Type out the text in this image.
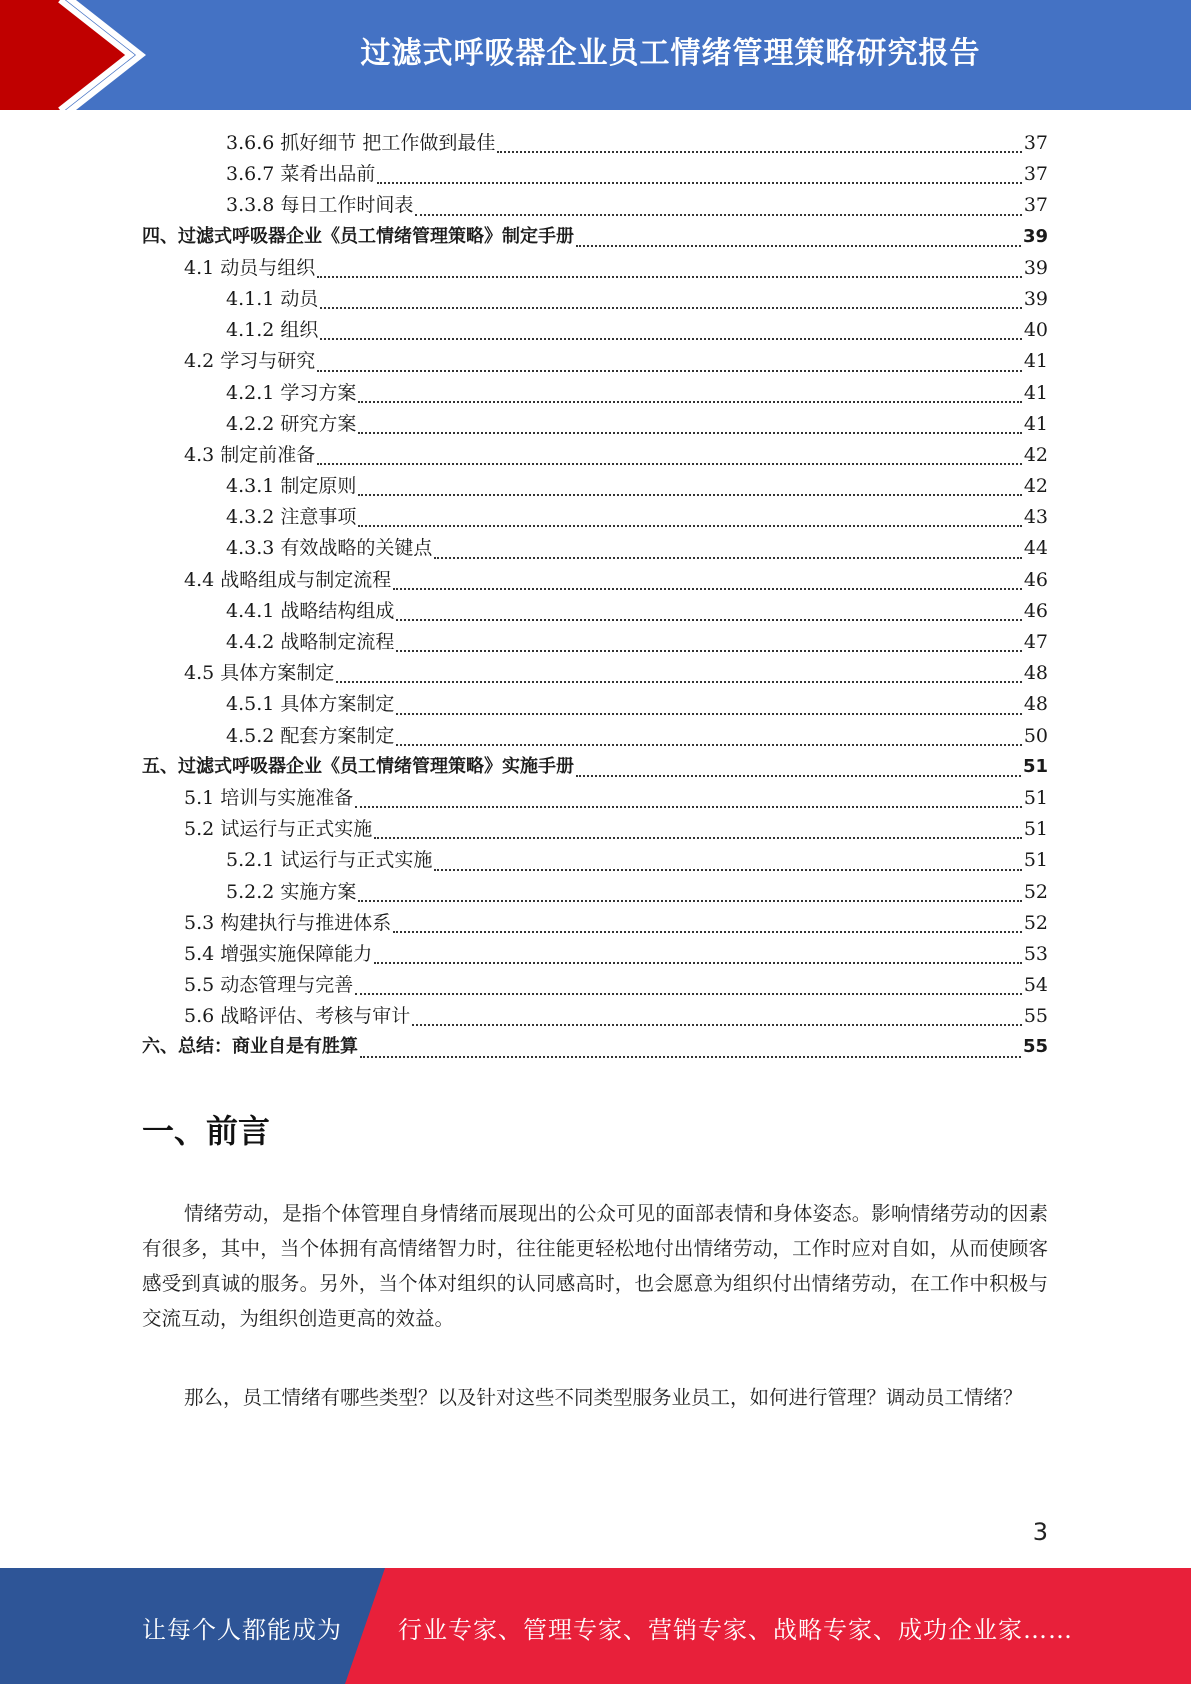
过滤式呼吸器企业员工情绪管理策略研究报告
3.6.6 抓好细节 把工作做到最佳	37
3.6.7 菜肴出品前	37
3.3.8 每日工作时间表	37
四、过滤式呼吸器企业《员工情绪管理策略》制定手册	39
4.1 动员与组织	39
4.1.1 动员	39
4.1.2 组织	40
4.2 学习与研究	41
4.2.1 学习方案	41
4.2.2 研究方案	41
4.3 制定前准备	42
4.3.1 制定原则	42
4.3.2 注意事项	43
4.3.3 有效战略的关键点	44
4.4 战略组成与制定流程	46
4.4.1 战略结构组成	46
4.4.2 战略制定流程	47
4.5 具体方案制定	48
4.5.1 具体方案制定	48
4.5.2 配套方案制定	50
五、过滤式呼吸器企业《员工情绪管理策略》实施手册	51
5.1 培训与实施准备	51
5.2 试运行与正式实施	51
5.2.1 试运行与正式实施	51
5.2.2 实施方案	52
5.3 构建执行与推进体系	52
5.4 增强实施保障能力	53
5.5 动态管理与完善	54
5.6 战略评估、考核与审计	55
六、总结：商业自是有胜算	55
一、前言
情绪劳动，是指个体管理自身情绪而展现出的公众可见的面部表情和身体姿态。影响情绪劳动的因素有很多，其中，当个体拥有高情绪智力时，往往能更轻松地付出情绪劳动，工作时应对自如，从而使顾客感受到真诚的服务。另外，当个体对组织的认同感高时，也会愿意为组织付出情绪劳动，在工作中积极与交流互动，为组织创造更高的效益。
那么，员工情绪有哪些类型？以及针对这些不同类型服务业员工，如何进行管理？调动员工情绪？
3
让每个人都能成为 行业专家、管理专家、营销专家、战略专家、成功企业家……
